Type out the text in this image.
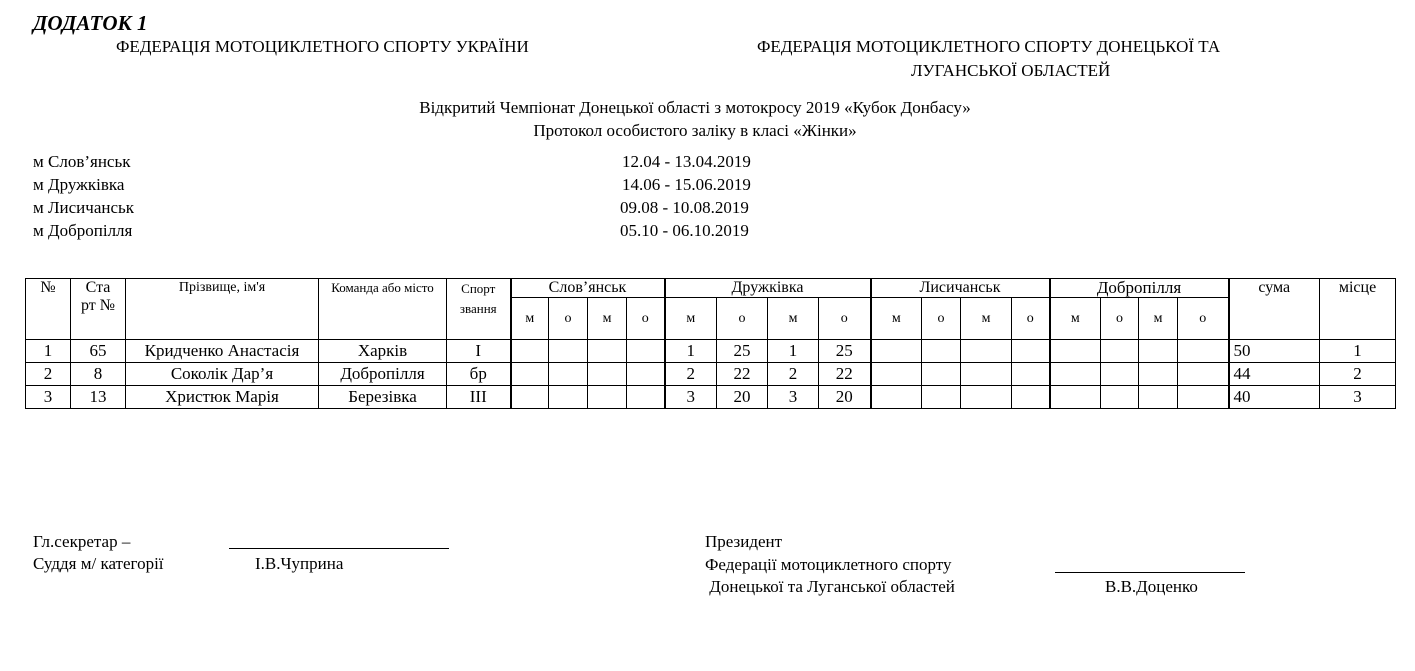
ДОДАТОК 1
ФЕДЕРАЦІЯ МОТОЦИКЛЕТНОГО СПОРТУ УКРАЇНИ	ФЕДЕРАЦІЯ МОТОЦИКЛЕТНОГО СПОРТУ ДОНЕЦЬКОЇ ТА
ЛУГАНСЬКОЇ ОБЛАСТЕЙ
Відкритий Чемпіонат Донецької області з мотокросу 2019 «Кубок Донбасу»
Протокол особистого заліку в класі «Жінки»
м Слов’янськ	12.04 - 13.04.2019
м Дружківка	14.06 - 15.06.2019
м Лисичанськ	09.08 - 10.08.2019
м Добропілля	05.10 - 06.10.2019
№	Ста рт №	Прізвище, ім'я	Команда або місто	Спорт звання	Слов’янськ				Дружківка				Лисичанськ				Добропілля				сума	місце
					м	о	м	о	м	о	м	о	м	о	м	о	м	о	м	о		
1	65	Кридченко Анастасія	Харків	І					1	25	1	25									50	1
2	8	Соколік Дар’я	Добропілля	бр					2	22	2	22									44	2
3	13	Христюк Марія	Березівка	ІІІ					3	20	3	20									40	3
Гл.секретар –
Суддя м/ категорії	І.В.Чуприна
Президент
Федерації мотоциклетного спорту
Донецької та Луганської областей	В.В.Доценко
